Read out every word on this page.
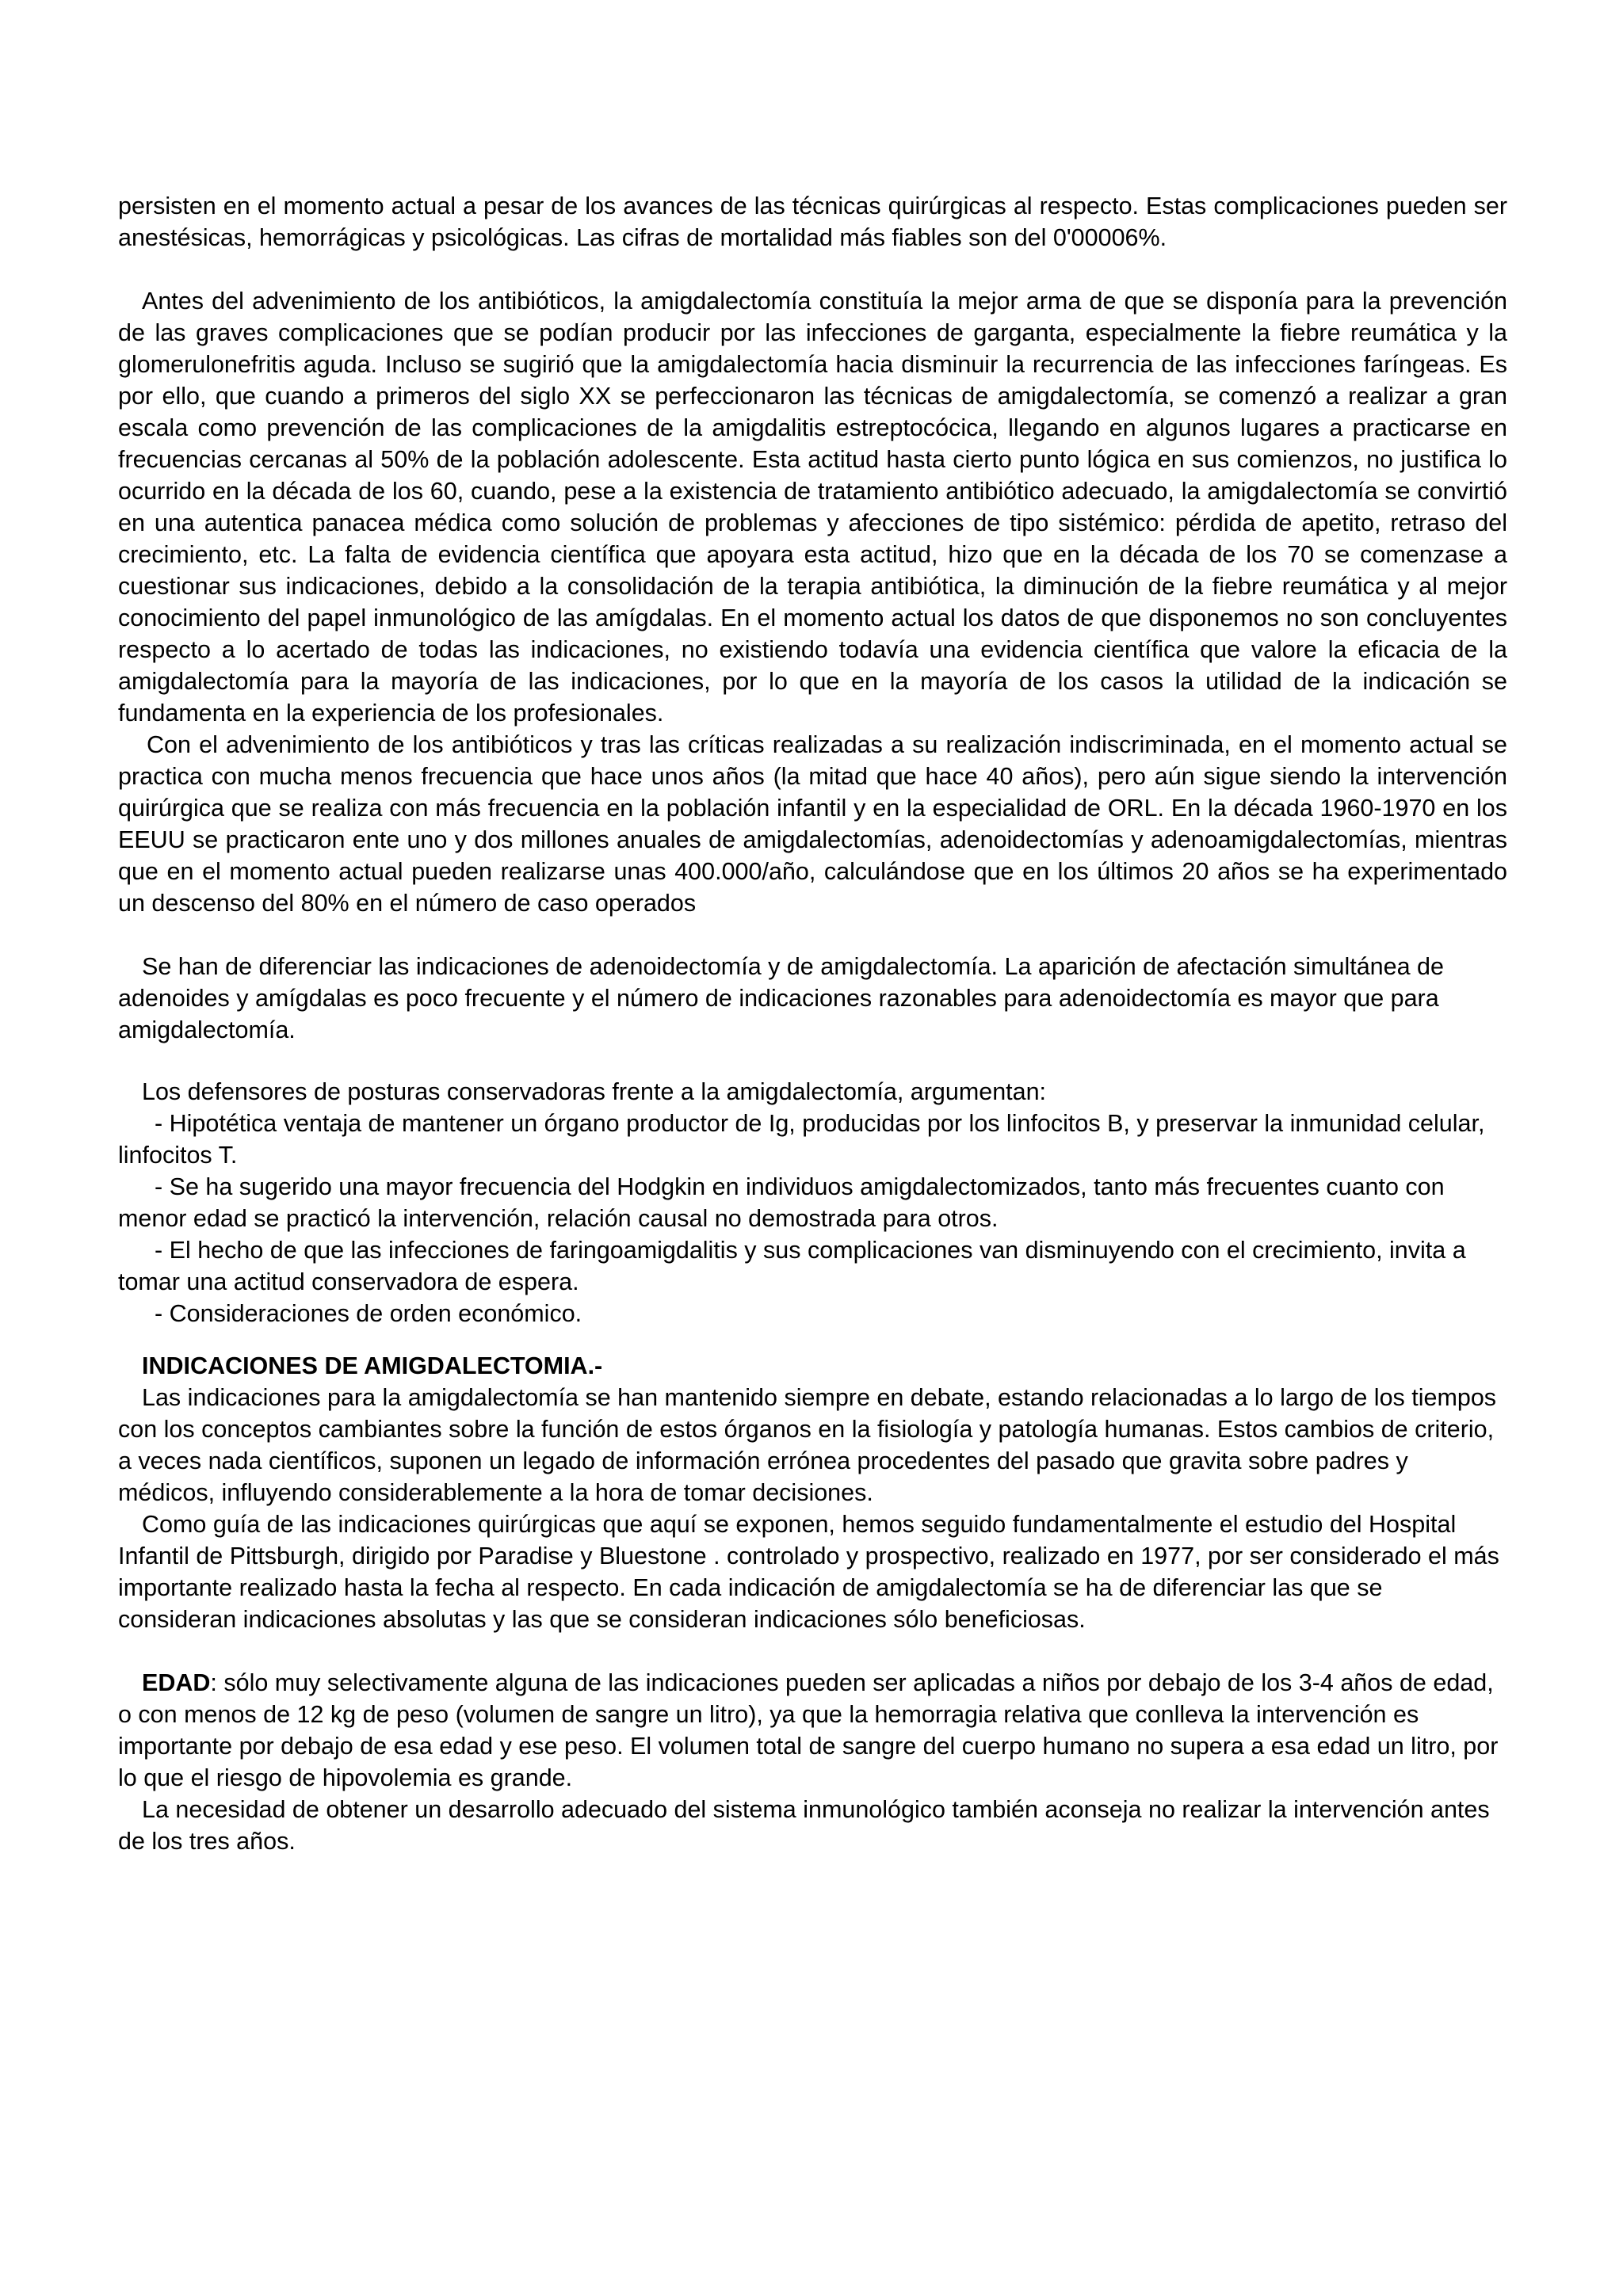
persisten en el momento actual a pesar de los avances de las técnicas quirúrgicas al respecto. Estas complicaciones pueden ser anestésicas, hemorrágicas y psicológicas. Las cifras de mortalidad más fiables son del 0'00006%.

Antes del advenimiento de los antibióticos, la amigdalectomía constituía la mejor arma de que se disponía para la prevención de las graves complicaciones que se podían producir por las infecciones de garganta, especialmente la fiebre reumática y la glomerulonefritis aguda. Incluso se sugirió que la amigdalectomía hacia disminuir la recurrencia de las infecciones faríngeas. Es por ello, que cuando a primeros del siglo XX se perfeccionaron las técnicas de amigdalectomía, se comenzó a realizar a gran escala como prevención de las complicaciones de la amigdalitis estreptocócica, llegando en algunos lugares a practicarse en frecuencias cercanas al 50% de la población adolescente. Esta actitud hasta cierto punto lógica en sus comienzos, no justifica lo ocurrido en la década de los 60, cuando, pese a la existencia de tratamiento antibiótico adecuado, la amigdalectomía se convirtió en una autentica panacea médica como solución de problemas y afecciones de tipo sistémico: pérdida de apetito, retraso del crecimiento, etc. La falta de evidencia científica que apoyara esta actitud, hizo que en la década de los 70 se comenzase a cuestionar sus indicaciones, debido a la consolidación de la terapia antibiótica, la diminución de la fiebre reumática y al mejor conocimiento del papel inmunológico de las amígdalas. En el momento actual los datos de que disponemos no son concluyentes respecto a lo acertado de todas las indicaciones, no existiendo todavía una evidencia científica que valore la eficacia de la amigdalectomía para la mayoría de las indicaciones, por lo que en la mayoría de los casos la utilidad de la indicación se fundamenta en la experiencia de los profesionales.

Con el advenimiento de los antibióticos y tras las críticas realizadas a su realización indiscriminada, en el momento actual se practica con mucha menos frecuencia que hace unos años (la mitad que hace 40 años), pero aún sigue siendo la intervención quirúrgica que se realiza con más frecuencia en la población infantil y en la especialidad de ORL. En la década 1960-1970 en los EEUU se practicaron ente uno y dos millones anuales de amigdalectomías, adenoidectomías y adenoamigdalectomías, mientras que en el momento actual pueden realizarse unas 400.000/año, calculándose que en los últimos 20 años se ha experimentado un descenso del 80% en el número de caso operados

Se han de diferenciar las indicaciones de adenoidectomía y de amigdalectomía. La aparición de afectación simultánea de adenoides y amígdalas es poco frecuente y el número de indicaciones razonables para adenoidectomía es mayor que para amigdalectomía.

Los defensores de posturas conservadoras frente a la amigdalectomía, argumentan:

- Hipotética ventaja de mantener un órgano productor de Ig, producidas por los linfocitos B, y preservar la inmunidad celular, linfocitos T.

- Se ha sugerido una mayor frecuencia del Hodgkin en individuos amigdalectomizados, tanto más frecuentes cuanto con menor edad se practicó la intervención, relación causal no demostrada para otros.

- El hecho de que las infecciones de faringoamigdalitis y sus complicaciones van disminuyendo con el crecimiento, invita a tomar una actitud conservadora de espera.

- Consideraciones de orden económico.

INDICACIONES DE AMIGDALECTOMIA.-

Las indicaciones para la amigdalectomía se han mantenido siempre en debate, estando relacionadas a lo largo de los tiempos con los conceptos cambiantes sobre la función de estos órganos en la fisiología y patología humanas. Estos cambios de criterio, a veces nada científicos, suponen un legado de información errónea procedentes del pasado que gravita sobre padres y médicos, influyendo considerablemente a la hora de tomar decisiones.

Como guía de las indicaciones quirúrgicas que aquí se exponen, hemos seguido fundamentalmente el estudio del Hospital Infantil de Pittsburgh, dirigido por Paradise y Bluestone . controlado y prospectivo, realizado en 1977, por ser considerado el más importante realizado hasta la fecha al respecto. En cada indicación de amigdalectomía se ha de diferenciar las que se consideran indicaciones absolutas y las que se consideran indicaciones sólo beneficiosas.

EDAD: sólo muy selectivamente alguna de las indicaciones pueden ser aplicadas a niños por debajo de los 3-4 años de edad, o con menos de 12 kg de peso (volumen de sangre un litro), ya que la hemorragia relativa que conlleva la intervención es importante por debajo de esa edad y ese peso. El volumen total de sangre del cuerpo humano no supera a esa edad un litro, por lo que el riesgo de hipovolemia es grande.

La necesidad de obtener un desarrollo adecuado del sistema inmunológico también aconseja no realizar la intervención antes de los tres años.
